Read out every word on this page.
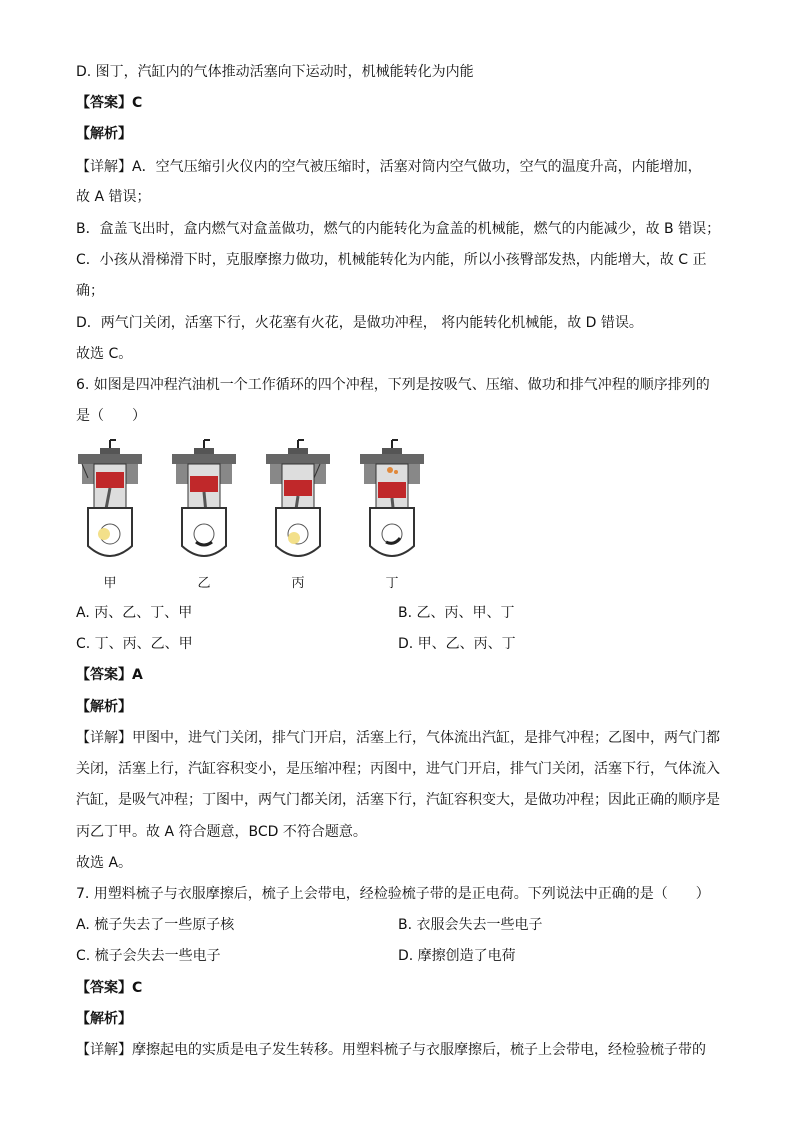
D. 图丁，汽缸内的气体推动活塞向下运动时，机械能转化为内能
【答案】C
【解析】
【详解】A．空气压缩引火仪内的空气被压缩时，活塞对筒内空气做功，空气的温度升高，内能增加，
故 A 错误；
B．盒盖飞出时，盒内燃气对盒盖做功，燃气的内能转化为盒盖的机械能，燃气的内能减少，故 B 错误；
C．小孩从滑梯滑下时，克服摩擦力做功，机械能转化为内能，所以小孩臀部发热，内能增大，故 C 正
确；
D．两气门关闭，活塞下行，火花塞有火花，是做功冲程， 将内能转化机械能，故 D 错误。
故选 C。
6. 如图是四冲程汽油机一个工作循环的四个冲程，下列是按吸气、压缩、做功和排气冲程的顺序排列的
是（　　）
甲	乙	丙	丁
A. 丙、乙、丁、甲	B. 乙、丙、甲、丁
C. 丁、丙、乙、甲	D. 甲、乙、丙、丁
【答案】A
【解析】
【详解】甲图中，进气门关闭，排气门开启，活塞上行，气体流出汽缸，是排气冲程；乙图中，两气门都
关闭，活塞上行，汽缸容积变小，是压缩冲程；丙图中，进气门开启，排气门关闭，活塞下行，气体流入
汽缸，是吸气冲程；丁图中，两气门都关闭，活塞下行，汽缸容积变大，是做功冲程；因此正确的顺序是
丙乙丁甲。故 A 符合题意，BCD 不符合题意。
故选 A。
7. 用塑料梳子与衣服摩擦后，梳子上会带电，经检验梳子带的是正电荷。下列说法中正确的是（　　）
A. 梳子失去了一些原子核	B. 衣服会失去一些电子
C. 梳子会失去一些电子	D. 摩擦创造了电荷
【答案】C
【解析】
【详解】摩擦起电的实质是电子发生转移。用塑料梳子与衣服摩擦后，梳子上会带电，经检验梳子带的
